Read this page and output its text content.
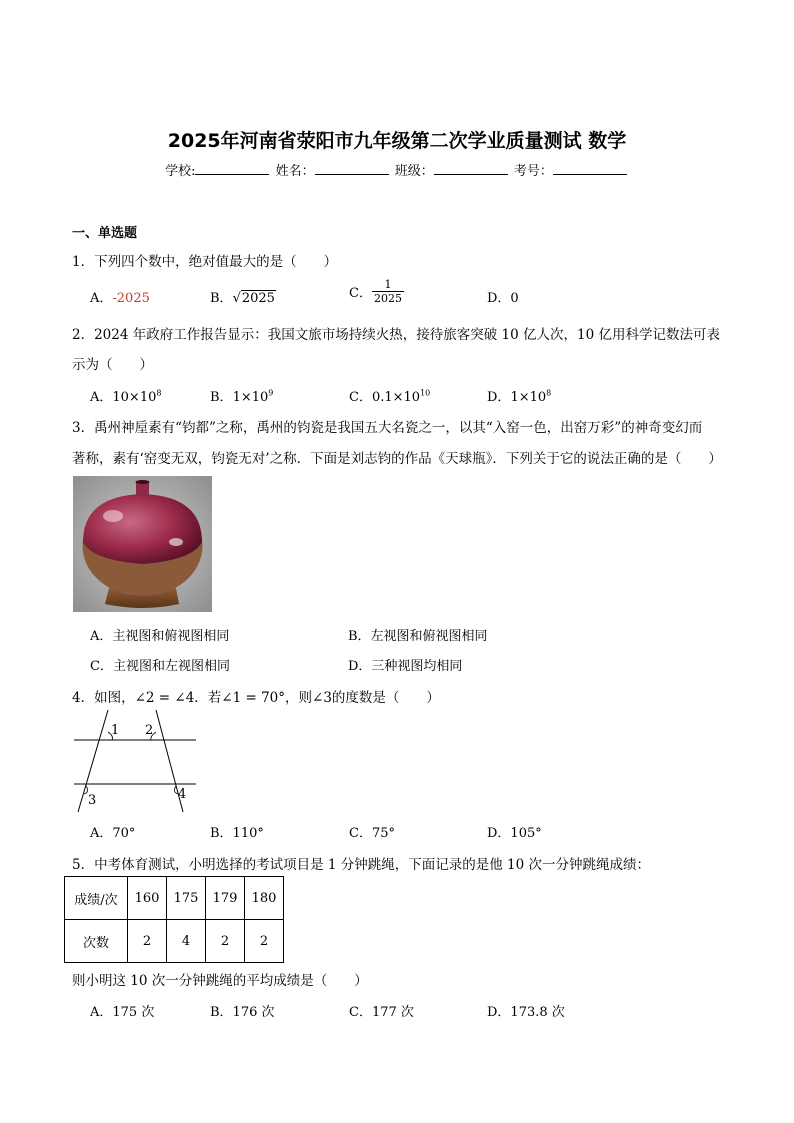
2025年河南省荥阳市九年级第二次学业质量测试 数学
学校:	姓名：	班级：	考号：
一、单选题
1．下列四个数中，绝对值最大的是（　　）
A．-2025	B．√2025	C． $\frac{1}{2025}$	D．0
2．2024 年政府工作报告显示：我国文旅市场持续火热，接待旅客突破 10 亿人次，10 亿用科学记数法可表
示为（　　）
A．$10\times 10^8$	B．$1\times 10^9$	C．$0.1\times 10^{10}$	D．$1\times 10^8$
3．禹州神垕素有“钧都”之称，禹州的钧瓷是我国五大名瓷之一，以其“入窑一色，出窑万彩”的神奇变幻而
著称，素有‘窑变无双，钧瓷无对’之称．下面是刘志钧的作品《天球瓶》．下列关于它的说法正确的是（　　）
A．主视图和俯视图相同	B．左视图和俯视图相同
C．主视图和左视图相同	D．三种视图均相同
4．如图，∠2 = ∠4．若∠1 = 70°，则∠3的度数是（　　）
1 2
3	4
A．70°	B．110°	C．75°	D．105°
5．中考体育测试，小明选择的考试项目是 1 分钟跳绳，下面记录的是他 10 次一分钟跳绳成绩：
成绩/次	160	175	179	180
次数	2	4	2	2
则小明这 10 次一分钟跳绳的平均成绩是（　　）
A．175 次	B．176 次	C．177 次	D．173.8 次
